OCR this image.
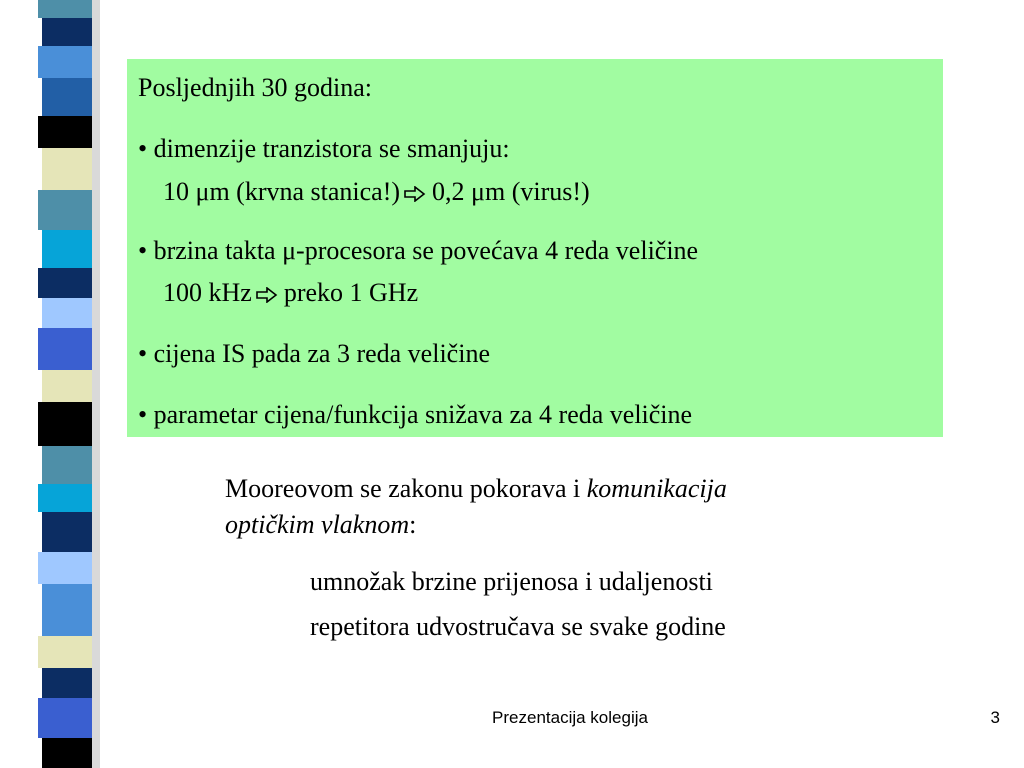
Posljednjih 30 godina:
• dimenzije tranzistora se smanjuju:
10 μm (krvna stanica!) 0,2 μm (virus!)
• brzina takta μ-procesora se povećava 4 reda veličine
100 kHz preko 1 GHz
• cijena IS pada za 3 reda veličine
• parametar cijena/funkcija snižava za 4 reda veličine
Mooreovom se zakonu pokorava i komunikacija
optičkim vlaknom:
umnožak brzine prijenosa i udaljenosti
repetitora udvostručava se svake godine
Prezentacija kolegija	3
